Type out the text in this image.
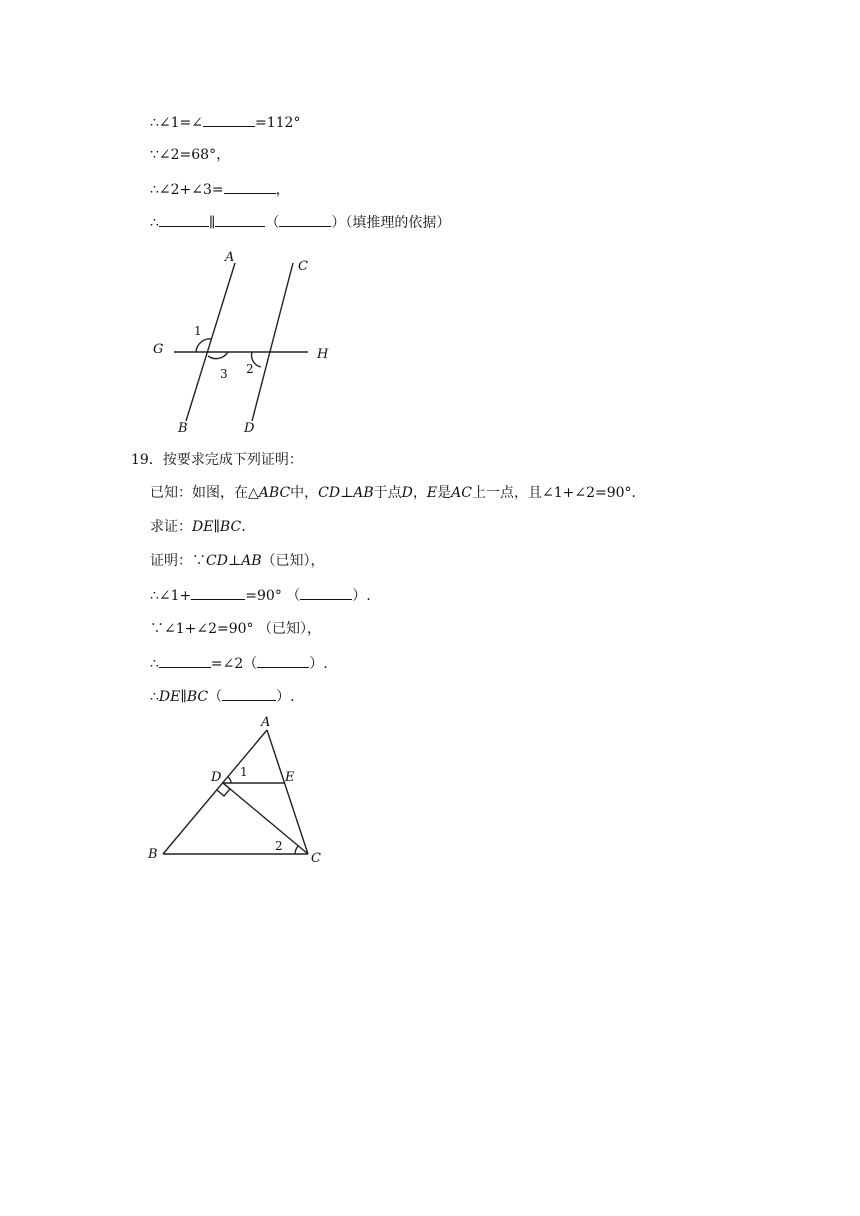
∴∠1=∠	=112°
∵∠2=68°，
∴∠2+∠3=	，
∴	∥	（	）（填推理的依据）
A
C
G	H
1
3 2
B	D
19．按要求完成下列证明：
已知：如图，在△ABC中，CD⊥AB于点D，E是AC上一点，且∠1+∠2=90°．
求证：DE∥BC.
证明：∵CD⊥AB（已知），
∴∠1+	=90° （	）.
∵∠1+∠2=90° （已知），
∴	=∠2（	）.
∴DE∥BC（	）.
A
D 1	E
B
2
C
